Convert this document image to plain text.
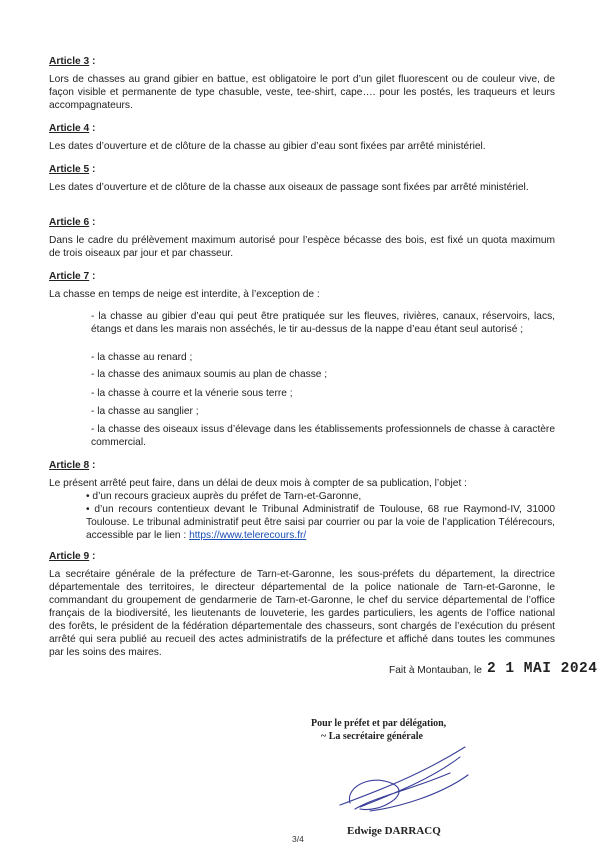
Article 3 :

Lors de chasses au grand gibier en battue, est obligatoire le port d’un gilet fluorescent ou de couleur vive, de façon visible et permanente de type chasuble, veste, tee-shirt, cape…. pour les postés, les traqueurs et leurs accompagnateurs.

Article 4 :

Les dates d’ouverture et de clôture de la chasse au gibier d’eau sont fixées par arrêté ministériel.

Article 5 :

Les dates d’ouverture et de clôture de la chasse aux oiseaux de passage sont fixées par arrêté ministériel.

Article 6 :

Dans le cadre du prélèvement maximum autorisé pour l’espèce bécasse des bois, est fixé un quota maximum de trois oiseaux par jour et par chasseur.

Article 7 :

La chasse en temps de neige est interdite, à l’exception de :

- la chasse au gibier d’eau qui peut être pratiquée sur les fleuves, rivières, canaux, réservoirs, lacs, étangs et dans les marais non asséchés, le tir au-dessus de la nappe d’eau étant seul autorisé ;
- la chasse au renard ;
- la chasse des animaux soumis au plan de chasse ;
- la chasse à courre et la vénerie sous terre ;
- la chasse au sanglier ;
- la chasse des oiseaux issus d’élevage dans les établissements professionnels de chasse à caractère commercial.
Article 8 :

Le présent arrêté peut faire, dans un délai de deux mois à compter de sa publication, l’objet :

• d’un recours gracieux auprès du préfet de Tarn-et-Garonne,
• d’un recours contentieux devant le Tribunal Administratif de Toulouse, 68 rue Raymond-IV, 31000 Toulouse. Le tribunal administratif peut être saisi par courrier ou par la voie de l’application Télérecours, accessible par le lien : https://www.telerecours.fr/
Article 9 :

La secrétaire générale de la préfecture de Tarn-et-Garonne, les sous-préfets du département, la directrice départementale des territoires, le directeur départemental de la police nationale de Tarn-et-Garonne, le commandant du groupement de gendarmerie de Tarn-et-Garonne, le chef du service départemental de l’office français de la biodiversité, les lieutenants de louveterie, les gardes particuliers, les agents de l’office national des forêts, le président de la fédération départementale des chasseurs, sont chargés de l’exécution du présent arrêté qui sera publié au recueil des actes administratifs de la préfecture et affiché dans toutes les communes par les soins des maires.

Fait à Montauban, le 2 1 MAI 2024
Pour le préfet et par délégation,
~ La secrétaire générale
Edwige DARRACQ
3/4
